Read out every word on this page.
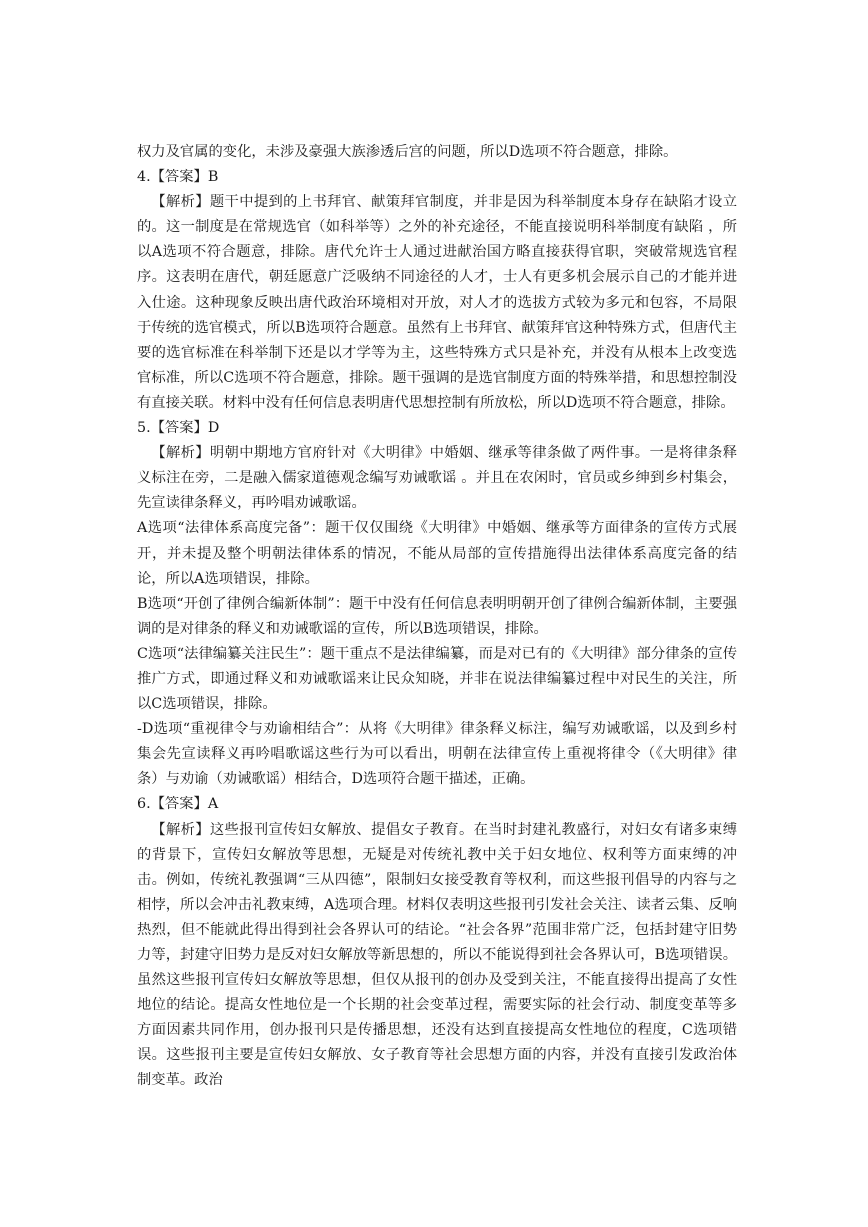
权力及官属的变化，未涉及豪强大族渗透后宫的问题，所以D选项不符合题意，排除。

4.【答案】B

【解析】题干中提到的上书拜官、献策拜官制度，并非是因为科举制度本身存在缺陷才设立的。这一制度是在常规选官（如科举等）之外的补充途径，不能直接说明科举制度有缺陷 ，所以A选项不符合题意，排除。唐代允许士人通过进献治国方略直接获得官职，突破常规选官程序。这表明在唐代，朝廷愿意广泛吸纳不同途径的人才，士人有更多机会展示自己的才能并进入仕途。这种现象反映出唐代政治环境相对开放，对人才的选拔方式较为多元和包容，不局限于传统的选官模式，所以B选项符合题意。虽然有上书拜官、献策拜官这种特殊方式，但唐代主要的选官标准在科举制下还是以才学等为主，这些特殊方式只是补充，并没有从根本上改变选官标准，所以C选项不符合题意，排除。题干强调的是选官制度方面的特殊举措，和思想控制没有直接关联。材料中没有任何信息表明唐代思想控制有所放松，所以D选项不符合题意，排除。

5.【答案】D

【解析】明朝中期地方官府针对《大明律》中婚姻、继承等律条做了两件事。一是将律条释义标注在旁，二是融入儒家道德观念编写劝诫歌谣 。并且在农闲时，官员或乡绅到乡村集会，先宣读律条释义，再吟唱劝诫歌谣。

A选项“法律体系高度完备”：题干仅仅围绕《大明律》中婚姻、继承等方面律条的宣传方式展开，并未提及整个明朝法律体系的情况，不能从局部的宣传措施得出法律体系高度完备的结论，所以A选项错误，排除。

B选项“开创了律例合编新体制”：题干中没有任何信息表明明朝开创了律例合编新体制，主要强调的是对律条的释义和劝诫歌谣的宣传，所以B选项错误，排除。

C选项“法律编纂关注民生”：题干重点不是法律编纂，而是对已有的《大明律》部分律条的宣传推广方式，即通过释义和劝诫歌谣来让民众知晓，并非在说法律编纂过程中对民生的关注，所以C选项错误，排除。

-D选项“重视律令与劝谕相结合”：从将《大明律》律条释义标注，编写劝诫歌谣，以及到乡村集会先宣读释义再吟唱歌谣这些行为可以看出，明朝在法律宣传上重视将律令（《大明律》律条）与劝谕（劝诫歌谣）相结合，D选项符合题干描述，正确。

6.【答案】A

【解析】这些报刊宣传妇女解放、提倡女子教育。在当时封建礼教盛行，对妇女有诸多束缚的背景下，宣传妇女解放等思想，无疑是对传统礼教中关于妇女地位、权利等方面束缚的冲击。例如，传统礼教强调“三从四德”，限制妇女接受教育等权利，而这些报刊倡导的内容与之相悖，所以会冲击礼教束缚，A选项合理。材料仅表明这些报刊引发社会关注、读者云集、反响热烈，但不能就此得出得到社会各界认可的结论。“社会各界”范围非常广泛，包括封建守旧势力等，封建守旧势力是反对妇女解放等新思想的，所以不能说得到社会各界认可，B选项错误。 虽然这些报刊宣传妇女解放等思想，但仅从报刊的创办及受到关注，不能直接得出提高了女性地位的结论。提高女性地位是一个长期的社会变革过程，需要实际的社会行动、制度变革等多方面因素共同作用，创办报刊只是传播思想，还没有达到直接提高女性地位的程度，C选项错误。这些报刊主要是宣传妇女解放、女子教育等社会思想方面的内容，并没有直接引发政治体制变革。政治
